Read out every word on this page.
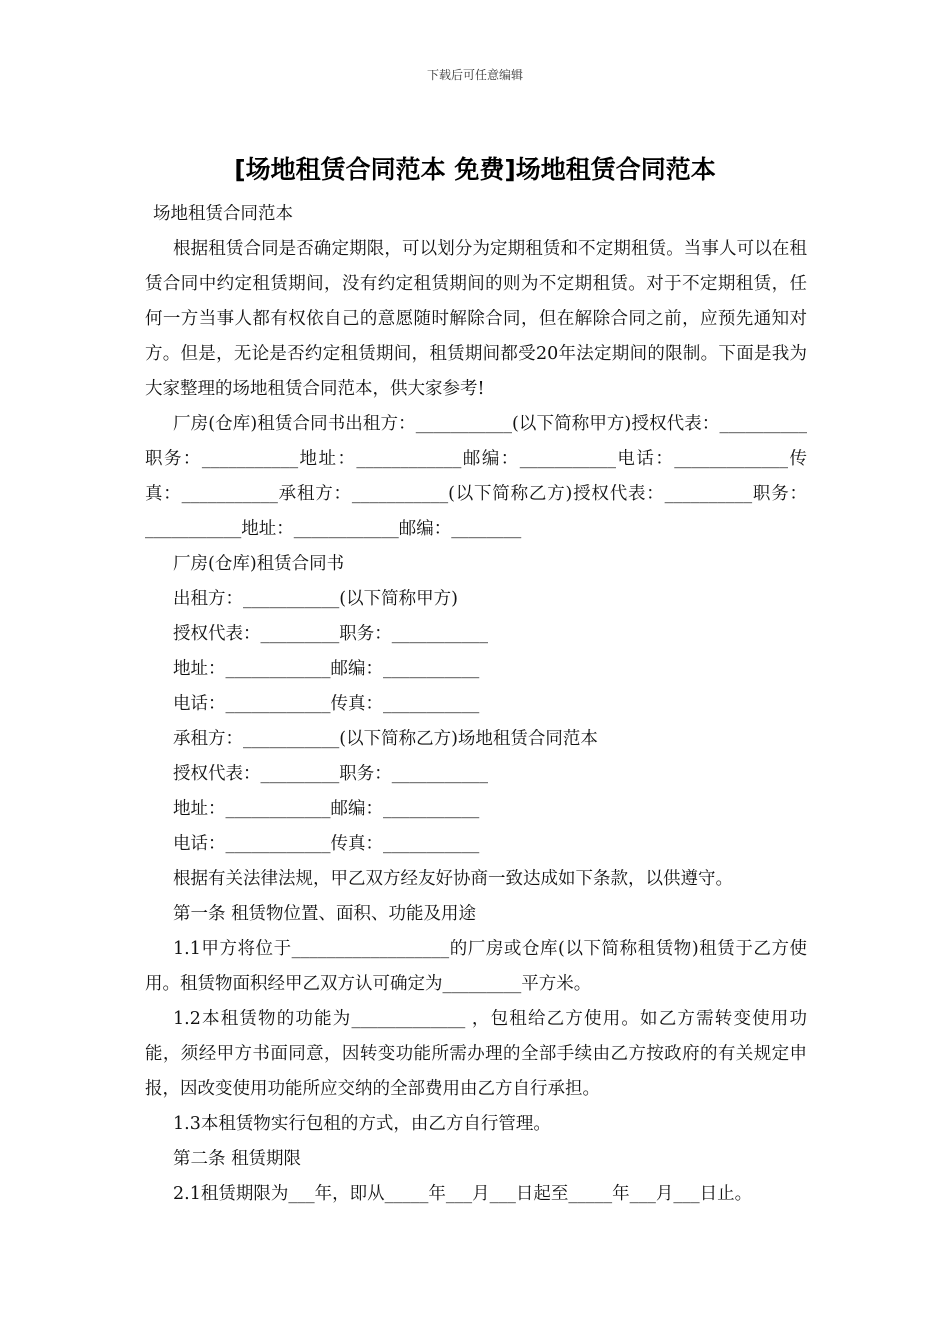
下载后可任意编辑
[场地租赁合同范本 免费]场地租赁合同范本

场地租赁合同范本

根据租赁合同是否确定期限，可以划分为定期租赁和不定期租赁。当事人可以在租赁合同中约定租赁期间，没有约定租赁期间的则为不定期租赁。对于不定期租赁，任何一方当事人都有权依自己的意愿随时解除合同，但在解除合同之前，应预先通知对方。但是，无论是否约定租赁期间，租赁期间都受20年法定期间的限制。下面是我为大家整理的场地租赁合同范本，供大家参考!

厂房(仓库)租赁合同书出租方：___________(以下简称甲方)授权代表：__________职务：___________地址：____________邮编：___________电话：_____________传真：___________承租方：___________(以下简称乙方)授权代表：__________职务：___________地址：____________邮编：________

厂房(仓库)租赁合同书

出租方：___________(以下简称甲方)

授权代表：_________职务：___________

地址：____________邮编：___________

电话：____________传真：___________

承租方：___________(以下简称乙方)场地租赁合同范本

授权代表：_________职务：___________

地址：____________邮编：___________

电话：____________传真：___________

根据有关法律法规，甲乙双方经友好协商一致达成如下条款，以供遵守。

第一条 租赁物位置、面积、功能及用途

1.1甲方将位于__________________的厂房或仓库(以下简称租赁物)租赁于乙方使用。租赁物面积经甲乙双方认可确定为_________平方米。

1.2本租赁物的功能为_____________ ，包租给乙方使用。如乙方需转变使用功能，须经甲方书面同意，因转变功能所需办理的全部手续由乙方按政府的有关规定申报，因改变使用功能所应交纳的全部费用由乙方自行承担。

1.3本租赁物实行包租的方式，由乙方自行管理。

第二条 租赁期限

2.1租赁期限为___年，即从_____年___月___日起至_____年___月___日止。
